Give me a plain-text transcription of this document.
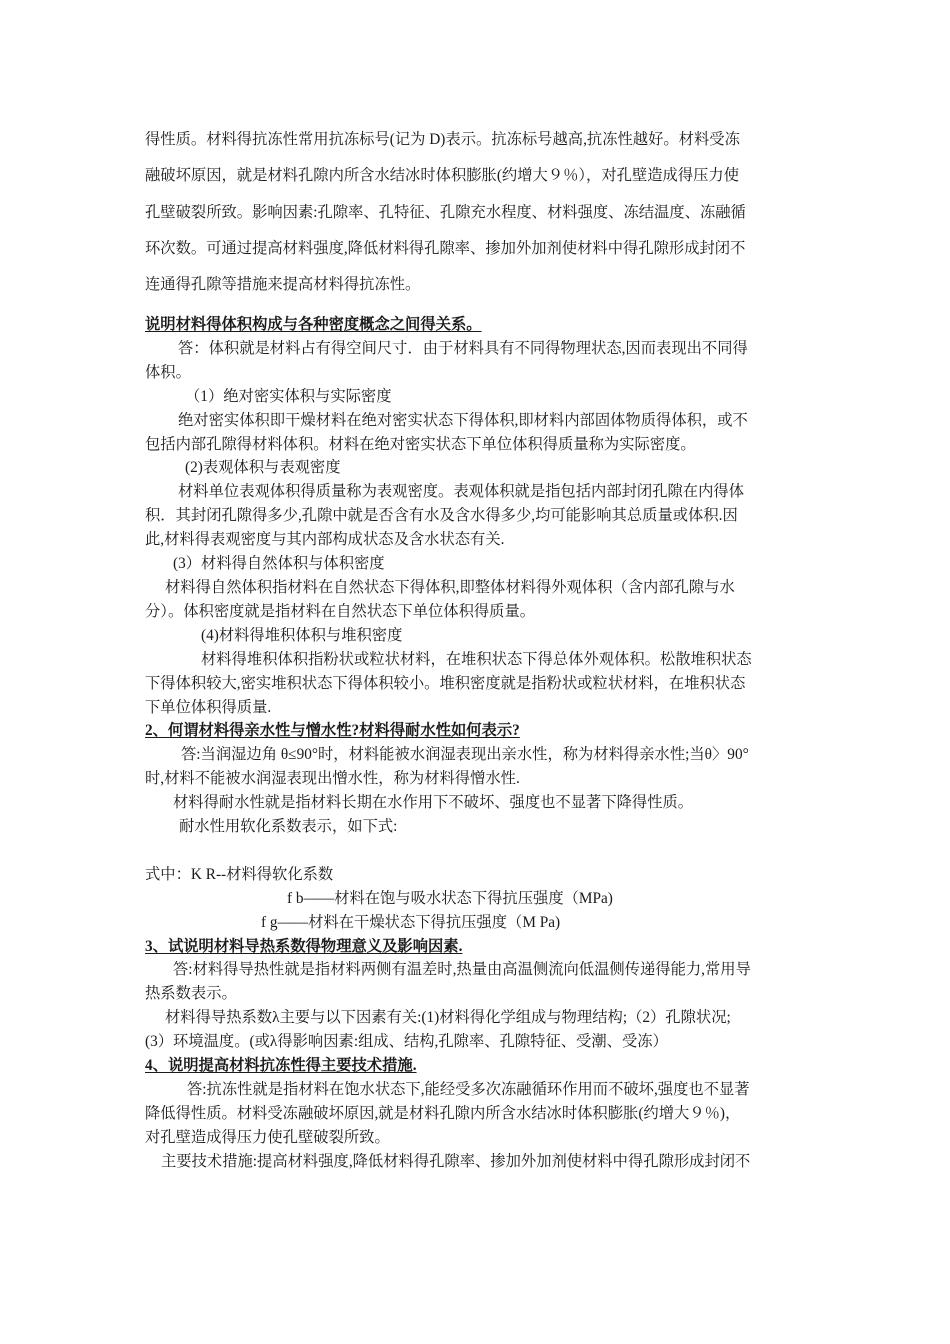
得性质。材料得抗冻性常用抗冻标号(记为 D)表示。抗冻标号越高,抗冻性越好。材料受冻

融破坏原因，就是材料孔隙内所含水结冰时体积膨胀(约增大９％），对孔壁造成得压力使

孔壁破裂所致。影响因素:孔隙率、孔特征、孔隙充水程度、材料强度、冻结温度、冻融循

环次数。可通过提高材料强度,降低材料得孔隙率、掺加外加剂使材料中得孔隙形成封闭不

连通得孔隙等措施来提高材料得抗冻性。

说明材料得体积构成与各种密度概念之间得关系。

答：体积就是材料占有得空间尺寸．由于材料具有不同得物理状态,因而表现出不同得

体积。

（1）绝对密实体积与实际密度

绝对密实体积即干燥材料在绝对密实状态下得体积,即材料内部固体物质得体积，或不

包括内部孔隙得材料体积。材料在绝对密实状态下单位体积得质量称为实际密度。

(2)表观体积与表观密度

材料单位表观体积得质量称为表观密度。表观体积就是指包括内部封闭孔隙在内得体

积．其封闭孔隙得多少,孔隙中就是否含有水及含水得多少,均可能影响其总质量或体积.因

此,材料得表观密度与其内部构成状态及含水状态有关.

(3）材料得自然体积与体积密度

材料得自然体积指材料在自然状态下得体积,即整体材料得外观体积（含内部孔隙与水

分）。体积密度就是指材料在自然状态下单位体积得质量。

(4)材料得堆积体积与堆积密度

材料得堆积体积指粉状或粒状材料，在堆积状态下得总体外观体积。松散堆积状态

下得体积较大,密实堆积状态下得体积较小。堆积密度就是指粉状或粒状材料，在堆积状态

下单位体积得质量.

2、何谓材料得亲水性与憎水性?材料得耐水性如何表示?

答:当润湿边角 θ≤90°时，材料能被水润湿表现出亲水性，称为材料得亲水性;当θ〉90°

时,材料不能被水润湿表现出憎水性，称为材料得憎水性.

材料得耐水性就是指材料长期在水作用下不破坏、强度也不显著下降得性质。

耐水性用软化系数表示，如下式:

式中：K R--材料得软化系数

f b——材料在饱与吸水状态下得抗压强度（MPa)

f g——材料在干燥状态下得抗压强度（M Pa)

3、试说明材料导热系数得物理意义及影响因素.

答:材料得导热性就是指材料两侧有温差时,热量由高温侧流向低温侧传递得能力,常用导

热系数表示。

材料得导热系数λ主要与以下因素有关:(1)材料得化学组成与物理结构;（2）孔隙状况;

(3）环境温度。(或λ得影响因素:组成、结构,孔隙率、孔隙特征、受潮、受冻）

4、说明提高材料抗冻性得主要技术措施.

答:抗冻性就是指材料在饱水状态下,能经受多次冻融循环作用而不破坏,强度也不显著

降低得性质。材料受冻融破坏原因,就是材料孔隙内所含水结冰时体积膨胀(约增大９％)，

对孔壁造成得压力使孔壁破裂所致。

主要技术措施:提高材料强度,降低材料得孔隙率、掺加外加剂使材料中得孔隙形成封闭不
